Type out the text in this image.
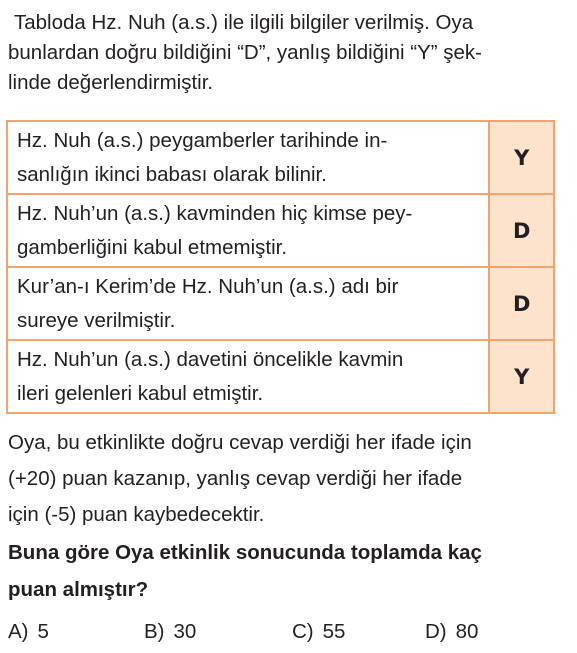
Tabloda Hz. Nuh (a.s.) ile ilgili bilgiler verilmiş. Oya
bunlardan doğru bildiğini “D”, yanlış bildiğini “Y” şek-
linde değerlendirmiştir.
Hz. Nuh (a.s.) peygamberler tarihinde in-
sanlığın ikinci babası olarak bilinir.	Y

Hz. Nuh’un (a.s.) kavminden hiç kimse pey-
gamberliğini kabul etmemiştir.	D

Kur’an-ı Kerim’de Hz. Nuh’un (a.s.) adı bir
sureye verilmiştir.	D

Hz. Nuh’un (a.s.) davetini öncelikle kavmin
ileri gelenleri kabul etmiştir.	Y
Oya, bu etkinlikte doğru cevap verdiği her ifade için
(+20) puan kazanıp, yanlış cevap verdiği her ifade
için (-5) puan kaybedecektir.
Buna göre Oya etkinlik sonucunda toplamda kaç
puan almıştır?
A) 5	B) 30	C) 55	D) 80
